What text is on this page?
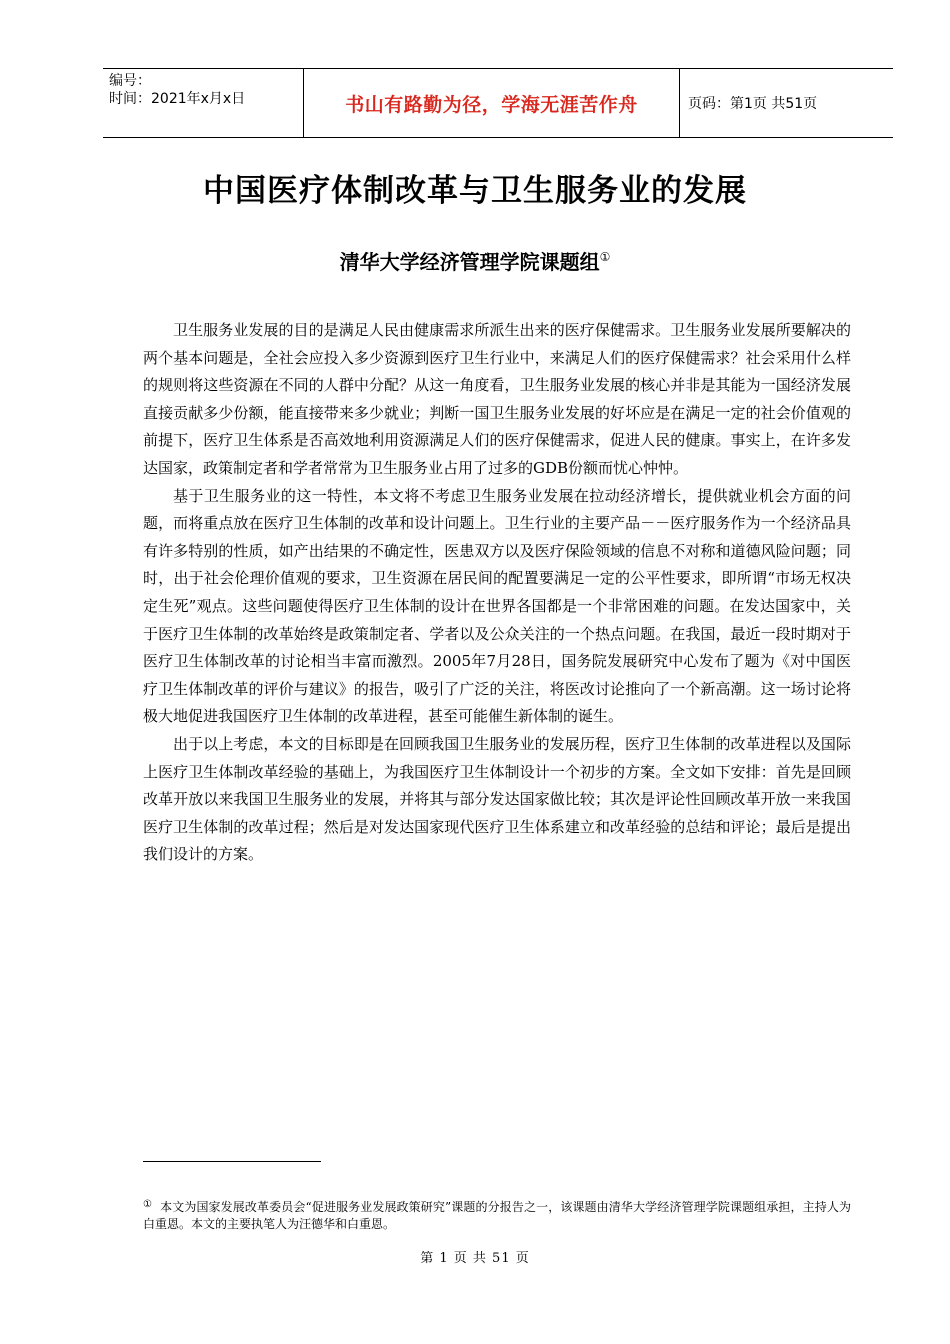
编号：
时间：2021年x月x日	书山有路勤为径，学海无涯苦作舟	页码：第1页 共51页
中国医疗体制改革与卫生服务业的发展
清华大学经济管理学院课题组①

卫生服务业发展的目的是满足人民由健康需求所派生出来的医疗保健需求。卫生服务业发展所要解决的两个基本问题是，全社会应投入多少资源到医疗卫生行业中，来满足人们的医疗保健需求？社会采用什么样的规则将这些资源在不同的人群中分配？从这一角度看，卫生服务业发展的核心并非是其能为一国经济发展直接贡献多少份额，能直接带来多少就业；判断一国卫生服务业发展的好坏应是在满足一定的社会价值观的前提下，医疗卫生体系是否高效地利用资源满足人们的医疗保健需求，促进人民的健康。事实上，在许多发达国家，政策制定者和学者常常为卫生服务业占用了过多的GDB份额而忧心忡忡。

基于卫生服务业的这一特性，本文将不考虑卫生服务业发展在拉动经济增长，提供就业机会方面的问题，而将重点放在医疗卫生体制的改革和设计问题上。卫生行业的主要产品－－医疗服务作为一个经济品具有许多特别的性质，如产出结果的不确定性，医患双方以及医疗保险领域的信息不对称和道德风险问题；同时，出于社会伦理价值观的要求，卫生资源在居民间的配置要满足一定的公平性要求，即所谓“市场无权决定生死”观点。这些问题使得医疗卫生体制的设计在世界各国都是一个非常困难的问题。在发达国家中，关于医疗卫生体制的改革始终是政策制定者、学者以及公众关注的一个热点问题。在我国，最近一段时期对于医疗卫生体制改革的讨论相当丰富而激烈。2005年7月28日，国务院发展研究中心发布了题为《对中国医疗卫生体制改革的评价与建议》的报告，吸引了广泛的关注，将医改讨论推向了一个新高潮。这一场讨论将极大地促进我国医疗卫生体制的改革进程，甚至可能催生新体制的诞生。

出于以上考虑，本文的目标即是在回顾我国卫生服务业的发展历程，医疗卫生体制的改革进程以及国际上医疗卫生体制改革经验的基础上，为我国医疗卫生体制设计一个初步的方案。全文如下安排：首先是回顾改革开放以来我国卫生服务业的发展，并将其与部分发达国家做比较；其次是评论性回顾改革开放一来我国医疗卫生体制的改革过程；然后是对发达国家现代医疗卫生体系建立和改革经验的总结和评论；最后是提出我们设计的方案。

① 本文为国家发展改革委员会“促进服务业发展政策研究”课题的分报告之一，该课题由清华大学经济管理学院课题组承担，主持人为白重恩。本文的主要执笔人为汪德华和白重恩。
第 1 页 共 51 页
